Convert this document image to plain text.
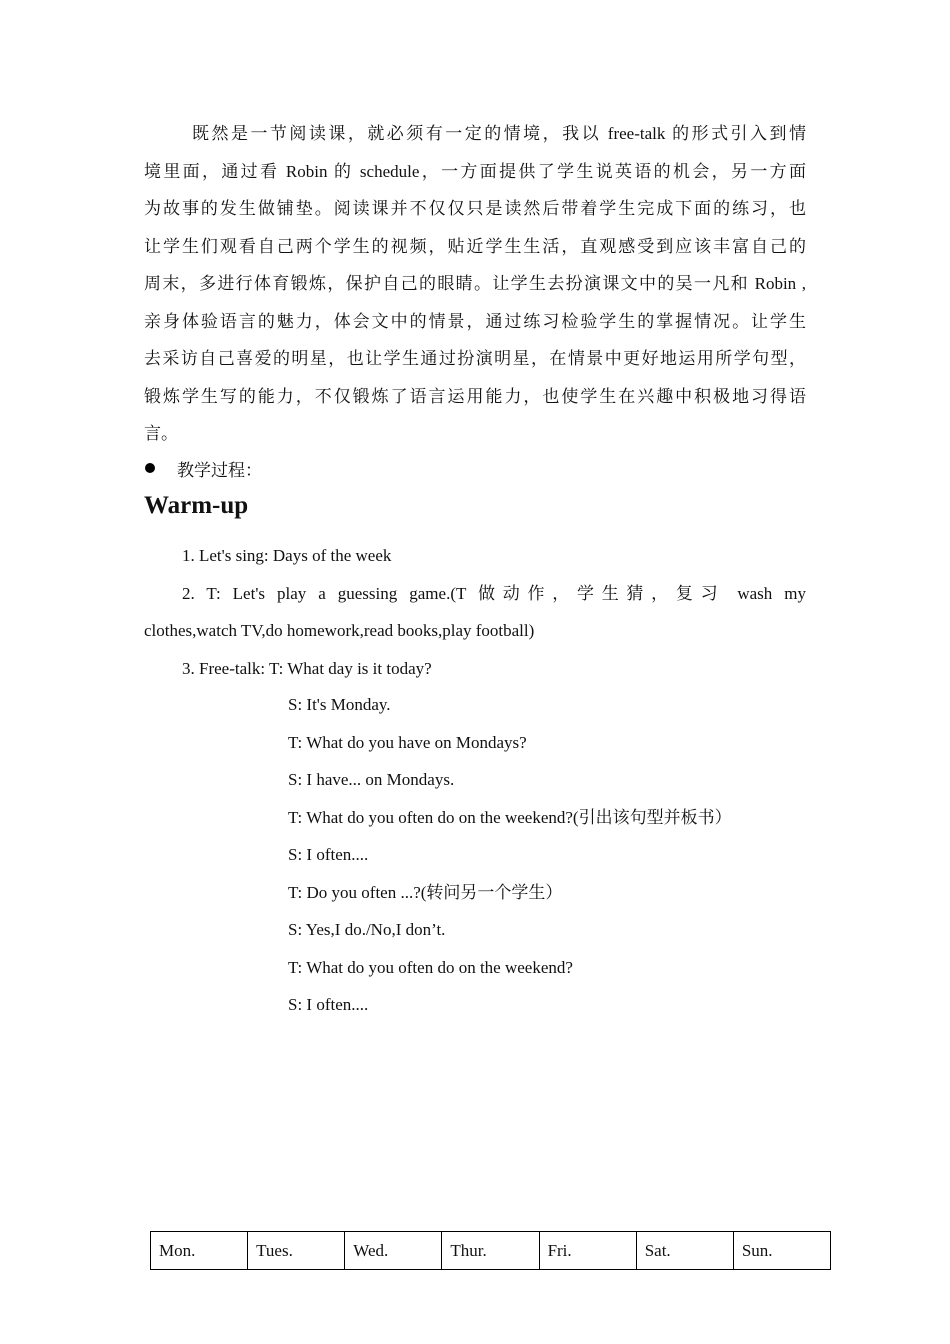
既然是一节阅读课，就必须有一定的情境，我以 free-talk 的形式引入到情
境里面，通过看 Robin 的 schedule，一方面提供了学生说英语的机会，另一方面
为故事的发生做铺垫。阅读课并不仅仅只是读然后带着学生完成下面的练习，也
让学生们观看自己两个学生的视频，贴近学生生活，直观感受到应该丰富自己的
周末，多进行体育锻炼，保护自己的眼睛。让学生去扮演课文中的吴一凡和 Robin ,
亲身体验语言的魅力，体会文中的情景，通过练习检验学生的掌握情况。让学生
去采访自己喜爱的明星，也让学生通过扮演明星，在情景中更好地运用所学句型，
锻炼学生写的能力，不仅锻炼了语言运用能力，也使学生在兴趣中积极地习得语
言。
教学过程：
Warm-up
1. Let's sing: Days of the week
2. T: Let's play a guessing game.(T 做动作，学生猜，复习 wash my
clothes,watch TV,do homework,read books,play football)
3. Free-talk: T: What day is it today?
S: It's Monday.
T: What do you have on Mondays?
S: I have... on Mondays.
T: What do you often do on the weekend?(引出该句型并板书）
S: I often....
T: Do you often ...?(转问另一个学生）
S: Yes,I do./No,I don’t.
T: What do you often do on the weekend?
S: I often....
Mon.	Tues.	Wed.	Thur.	Fri.	Sat.	Sun.
